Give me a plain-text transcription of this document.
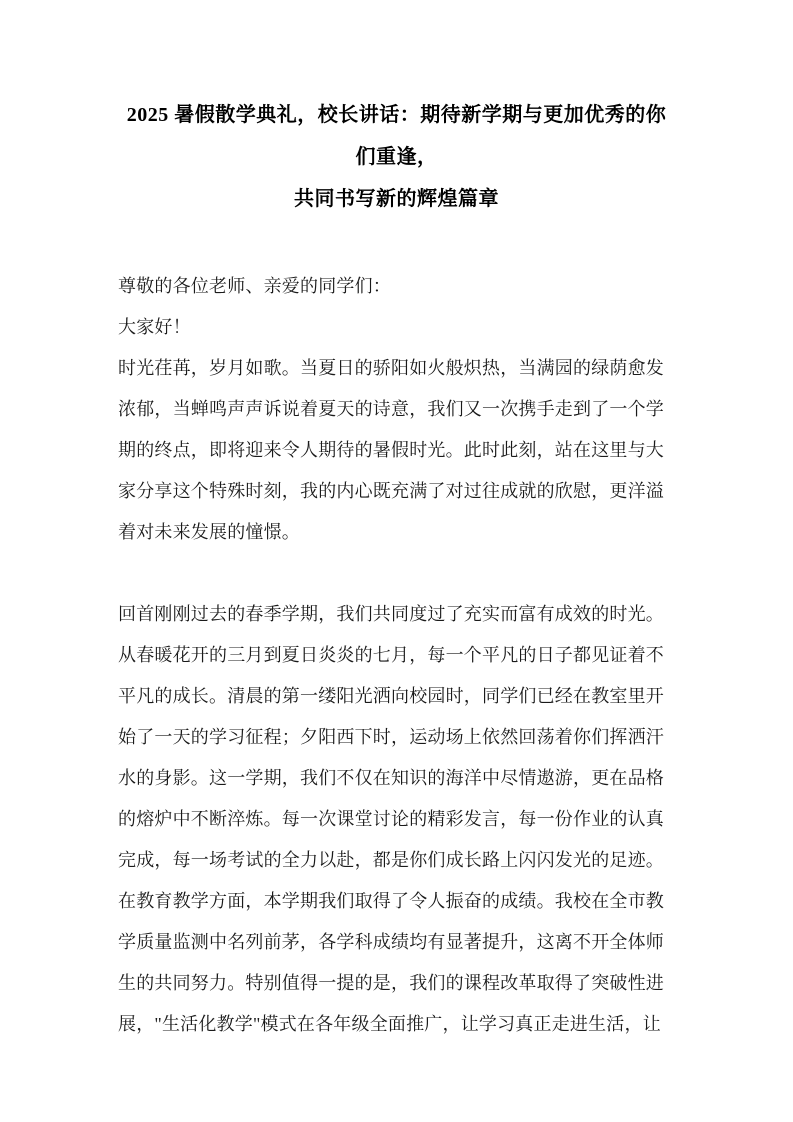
2025 暑假散学典礼，校长讲话：期待新学期与更加优秀的你们重逢，
共同书写新的辉煌篇章

尊敬的各位老师、亲爱的同学们：

大家好！

时光荏苒，岁月如歌。当夏日的骄阳如火般炽热，当满园的绿荫愈发浓郁，当蝉鸣声声诉说着夏天的诗意，我们又一次携手走到了一个学期的终点，即将迎来令人期待的暑假时光。此时此刻，站在这里与大家分享这个特殊时刻，我的内心既充满了对过往成就的欣慰，更洋溢着对未来发展的憧憬。

回首刚刚过去的春季学期，我们共同度过了充实而富有成效的时光。从春暖花开的三月到夏日炎炎的七月，每一个平凡的日子都见证着不平凡的成长。清晨的第一缕阳光洒向校园时，同学们已经在教室里开始了一天的学习征程；夕阳西下时，运动场上依然回荡着你们挥洒汗水的身影。这一学期，我们不仅在知识的海洋中尽情遨游，更在品格的熔炉中不断淬炼。每一次课堂讨论的精彩发言，每一份作业的认真完成，每一场考试的全力以赴，都是你们成长路上闪闪发光的足迹。在教育教学方面，本学期我们取得了令人振奋的成绩。我校在全市教学质量监测中名列前茅，各学科成绩均有显著提升，这离不开全体师生的共同努力。特别值得一提的是，我们的课程改革取得了突破性进展，"生活化教学"模式在各年级全面推广，让学习真正走进生活，让
